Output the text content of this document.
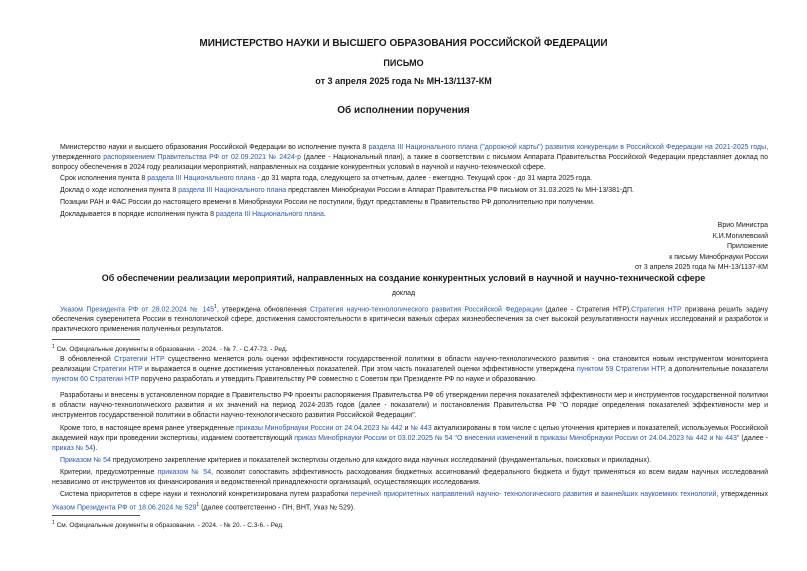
МИНИСТЕРСТВО НАУКИ И ВЫСШЕГО ОБРАЗОВАНИЯ РОССИЙСКОЙ ФЕДЕРАЦИИ
ПИСЬМО
от 3 апреля 2025 года № МН-13/1137-КМ
Об исполнении поручения
Министерство науки и высшего образования Российской Федерации во исполнение пункта 8 раздела III Национального плана ("дорожной карты") развития конкуренции в Российской Федерации на 2021-2025 годы, утвержденного распоряжением Правительства РФ от 02.09.2021 № 2424-р (далее - Национальный план), а также в соответствии с письмом Аппарата Правительства Российской Федерации представляет доклад по вопросу обеспечения в 2024 году реализации мероприятий, направленных на создание конкурентных условий в научной и научно-технической сфере.
Срок исполнения пункта 8 раздела III Национального плана - до 31 марта года, следующего за отчетным, далее - ежегодно. Текущий срок - до 31 марта 2025 года.
Доклад о ходе исполнения пункта 8 раздела III Национального плана представлен Минобрнауки России в Аппарат Правительства РФ письмом от 31.03.2025 № МН-13/381-ДП.
Позиции РАН и ФАС России до настоящего времени в Минобрнауки России не поступили, будут представлены в Правительство РФ дополнительно при получении.
Докладывается в порядке исполнения пункта 8 раздела III Национального плана.
Врио Министра
К.И.Могилевский
Приложение
к письму Минобрнауки России
от 3 апреля 2025 года № МН-13/1137-КМ
Об обеспечении реализации мероприятий, направленных на создание конкурентных условий в научной и научно-технической сфере
доклад
Указом Президента РФ от 28.02.2024 № $145^1$, утверждена обновленная Стратегия научно-технологического развития Российской Федерации (далее - Стратегия НТР).Стратегия НТР призвана решить задачу обеспечения суверенитета России в технологической сфере, достижения самостоятельности в критически важных сферах жизнеобеспечения за счет высокой результативности научных исследований и разработок и практического применения полученных результатов.
$^1$ См. Официальные документы в образовании. - 2024. - № 7. - С.47-73. - Ред.
В обновленной Стратегии НТР существенно меняется роль оценки эффективности государственной политики в области научно-технологического развития - она становится новым инструментом мониторинга реализации Стратегии НТР и выражается в оценке достижения установленных показателей. При этом часть показателей оценки эффективности утверждена пунктом 59 Стратегии НТР, а дополнительные показатели пунктом 60 Стратегии НТР поручено разработать и утвердить Правительству РФ совместно с Советом при Президенте РФ по науке и образованию.
Разработаны и внесены в установленном порядке в Правительство РФ проекты распоряжения Правительства РФ об утверждении перечня показателей эффективности мер и инструментов государственной политики в области научно-технологического развития и их значений на период 2024-2035 годов (далее - показатели) и постановления Правительства РФ "О порядке определения показателей эффективности мер и инструментов государственной политики в области научно-технологического развития Российской Федерации".
Кроме того, в настоящее время ранее утвержденные приказы Минобрнауки России от 24.04.2023 № 442 и № 443 актуализированы в том числе с целью уточнения критериев и показателей, используемых Российской академией наук при проведении экспертизы, изданием соответствующий приказ Минобрнауки России от 03.02.2025 № 54 "О внесении изменений в приказы Минобрнауки России от 24.04.2023 № 442 и № 443" (далее - приказ № 54).
Приказом № 54 предусмотрено закрепление критериев и показателей экспертизы отдельно для каждого вида научных исследований (фундаментальных, поисковых и прикладных).
Критерии, предусмотренные приказом № 54, позволят сопоставить эффективность расходования бюджетных ассигнований федерального бюджета и будут применяться ко всем видам научных исследований независимо от инструментов их финансирования и ведомственной принадлежности организаций, осуществляющих исследования.
Система приоритетов в сфере науки и технологий конкретизирована путем разработки перечней приоритетных направлений научно- технологического развития и важнейших наукоемких технологий, утвержденных Указом Президента РФ от 18.06.2024 № $529^1$ (далее соответственно - ПН, ВНТ, Указ № 529).
$^1$ См. Официальные документы в образовании. - 2024. - № 20. - С.3-6. - Ред.
